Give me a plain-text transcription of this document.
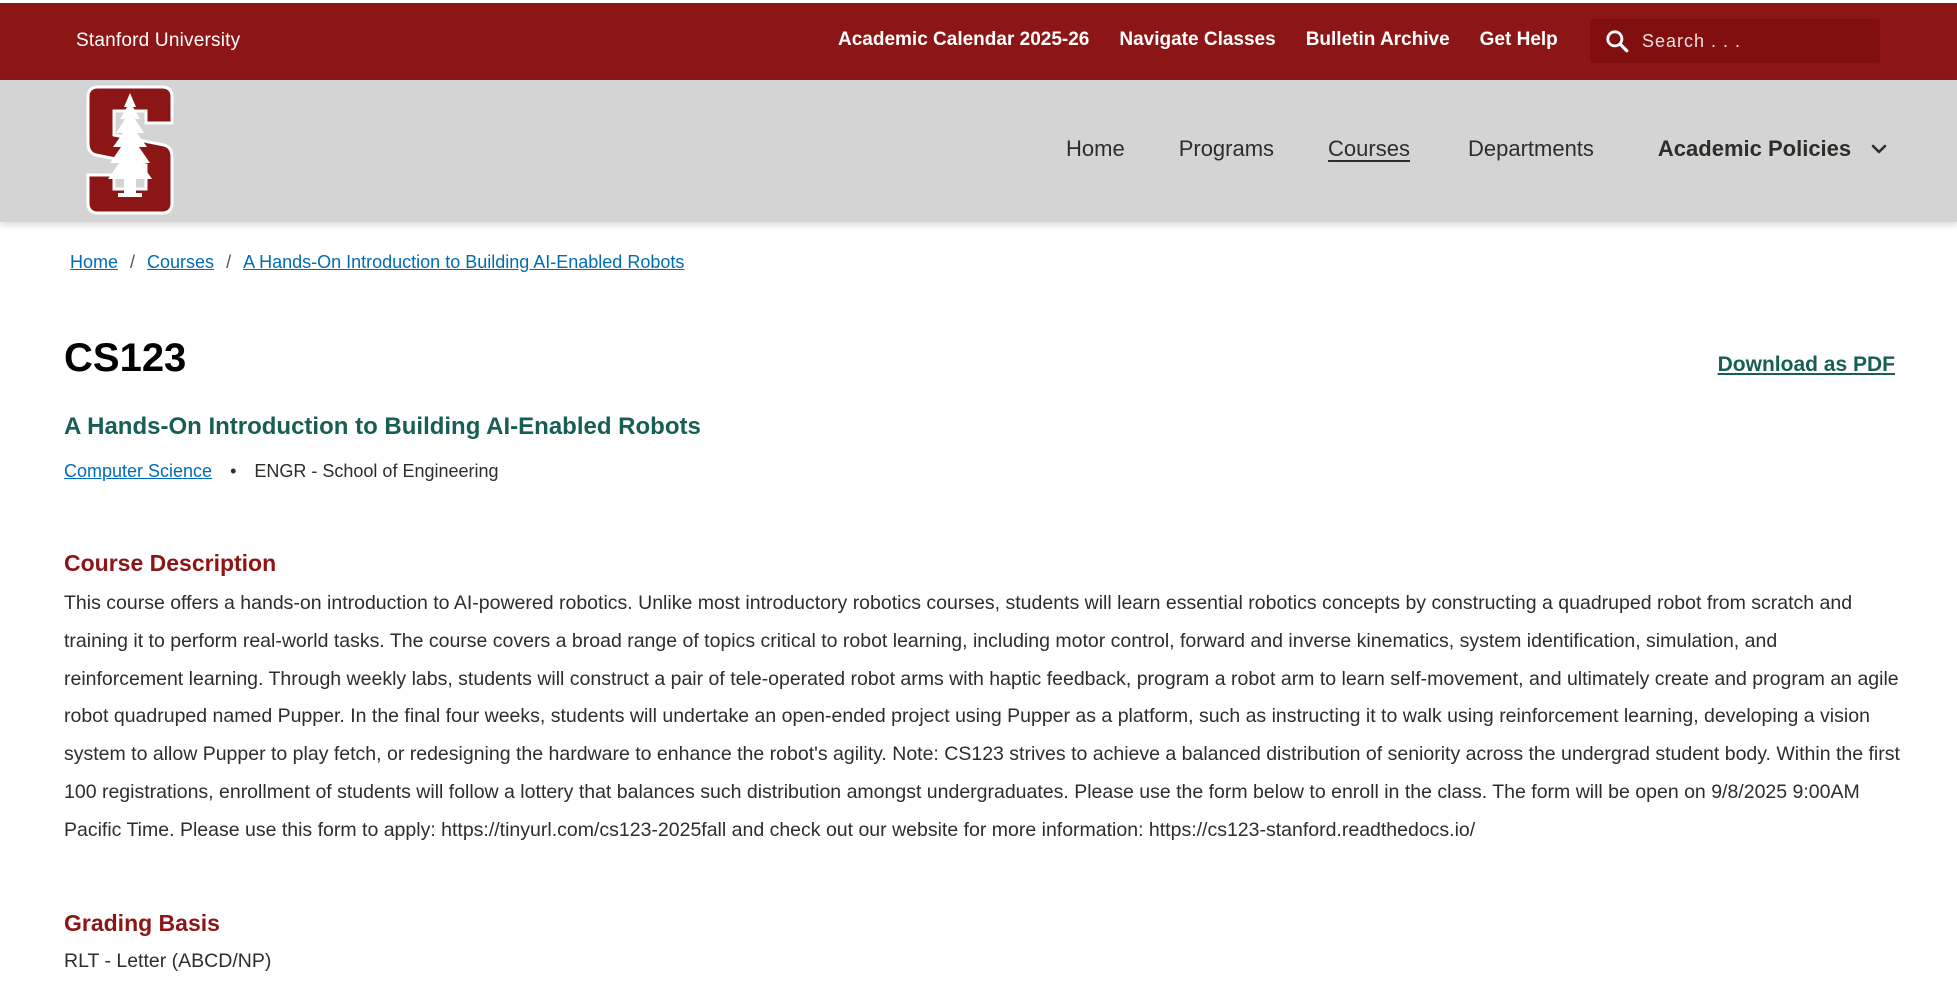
Stanford University	Academic Calendar 2025-26 Navigate Classes Bulletin Archive Get Help
Search . . .
Home Programs Courses	Departments	Academic Policies
Home / Courses / A Hands-On Introduction to Building AI-Enabled Robots
CS123	Download as PDF
A Hands-On Introduction to Building AI-Enabled Robots
Computer Science • ENGR - School of Engineering
Course Description

This course offers a hands-on introduction to AI-powered robotics. Unlike most introductory robotics courses, students will learn essential robotics concepts by constructing a quadruped robot from scratch and training it to perform real-world tasks. The course covers a broad range of topics critical to robot learning, including motor control, forward and inverse kinematics, system identification, simulation, and reinforcement learning. Through weekly labs, students will construct a pair of tele-operated robot arms with haptic feedback, program a robot arm to learn self-movement, and ultimately create and program an agile robot quadruped named Pupper. In the final four weeks, students will undertake an open-ended project using Pupper as a platform, such as instructing it to walk using reinforcement learning, developing a vision system to allow Pupper to play fetch, or redesigning the hardware to enhance the robot's agility. Note: CS123 strives to achieve a balanced distribution of seniority across the undergrad student body. Within the first 100 registrations, enrollment of students will follow a lottery that balances such distribution amongst undergraduates. Please use the form below to enroll in the class. The form will be open on 9/8/2025 9:00AM Pacific Time. Please use this form to apply: https://tinyurl.com/cs123-2025fall and check out our website for more information: https://cs123-stanford.readthedocs.io/

Grading Basis

RLT - Letter (ABCD/NP)
